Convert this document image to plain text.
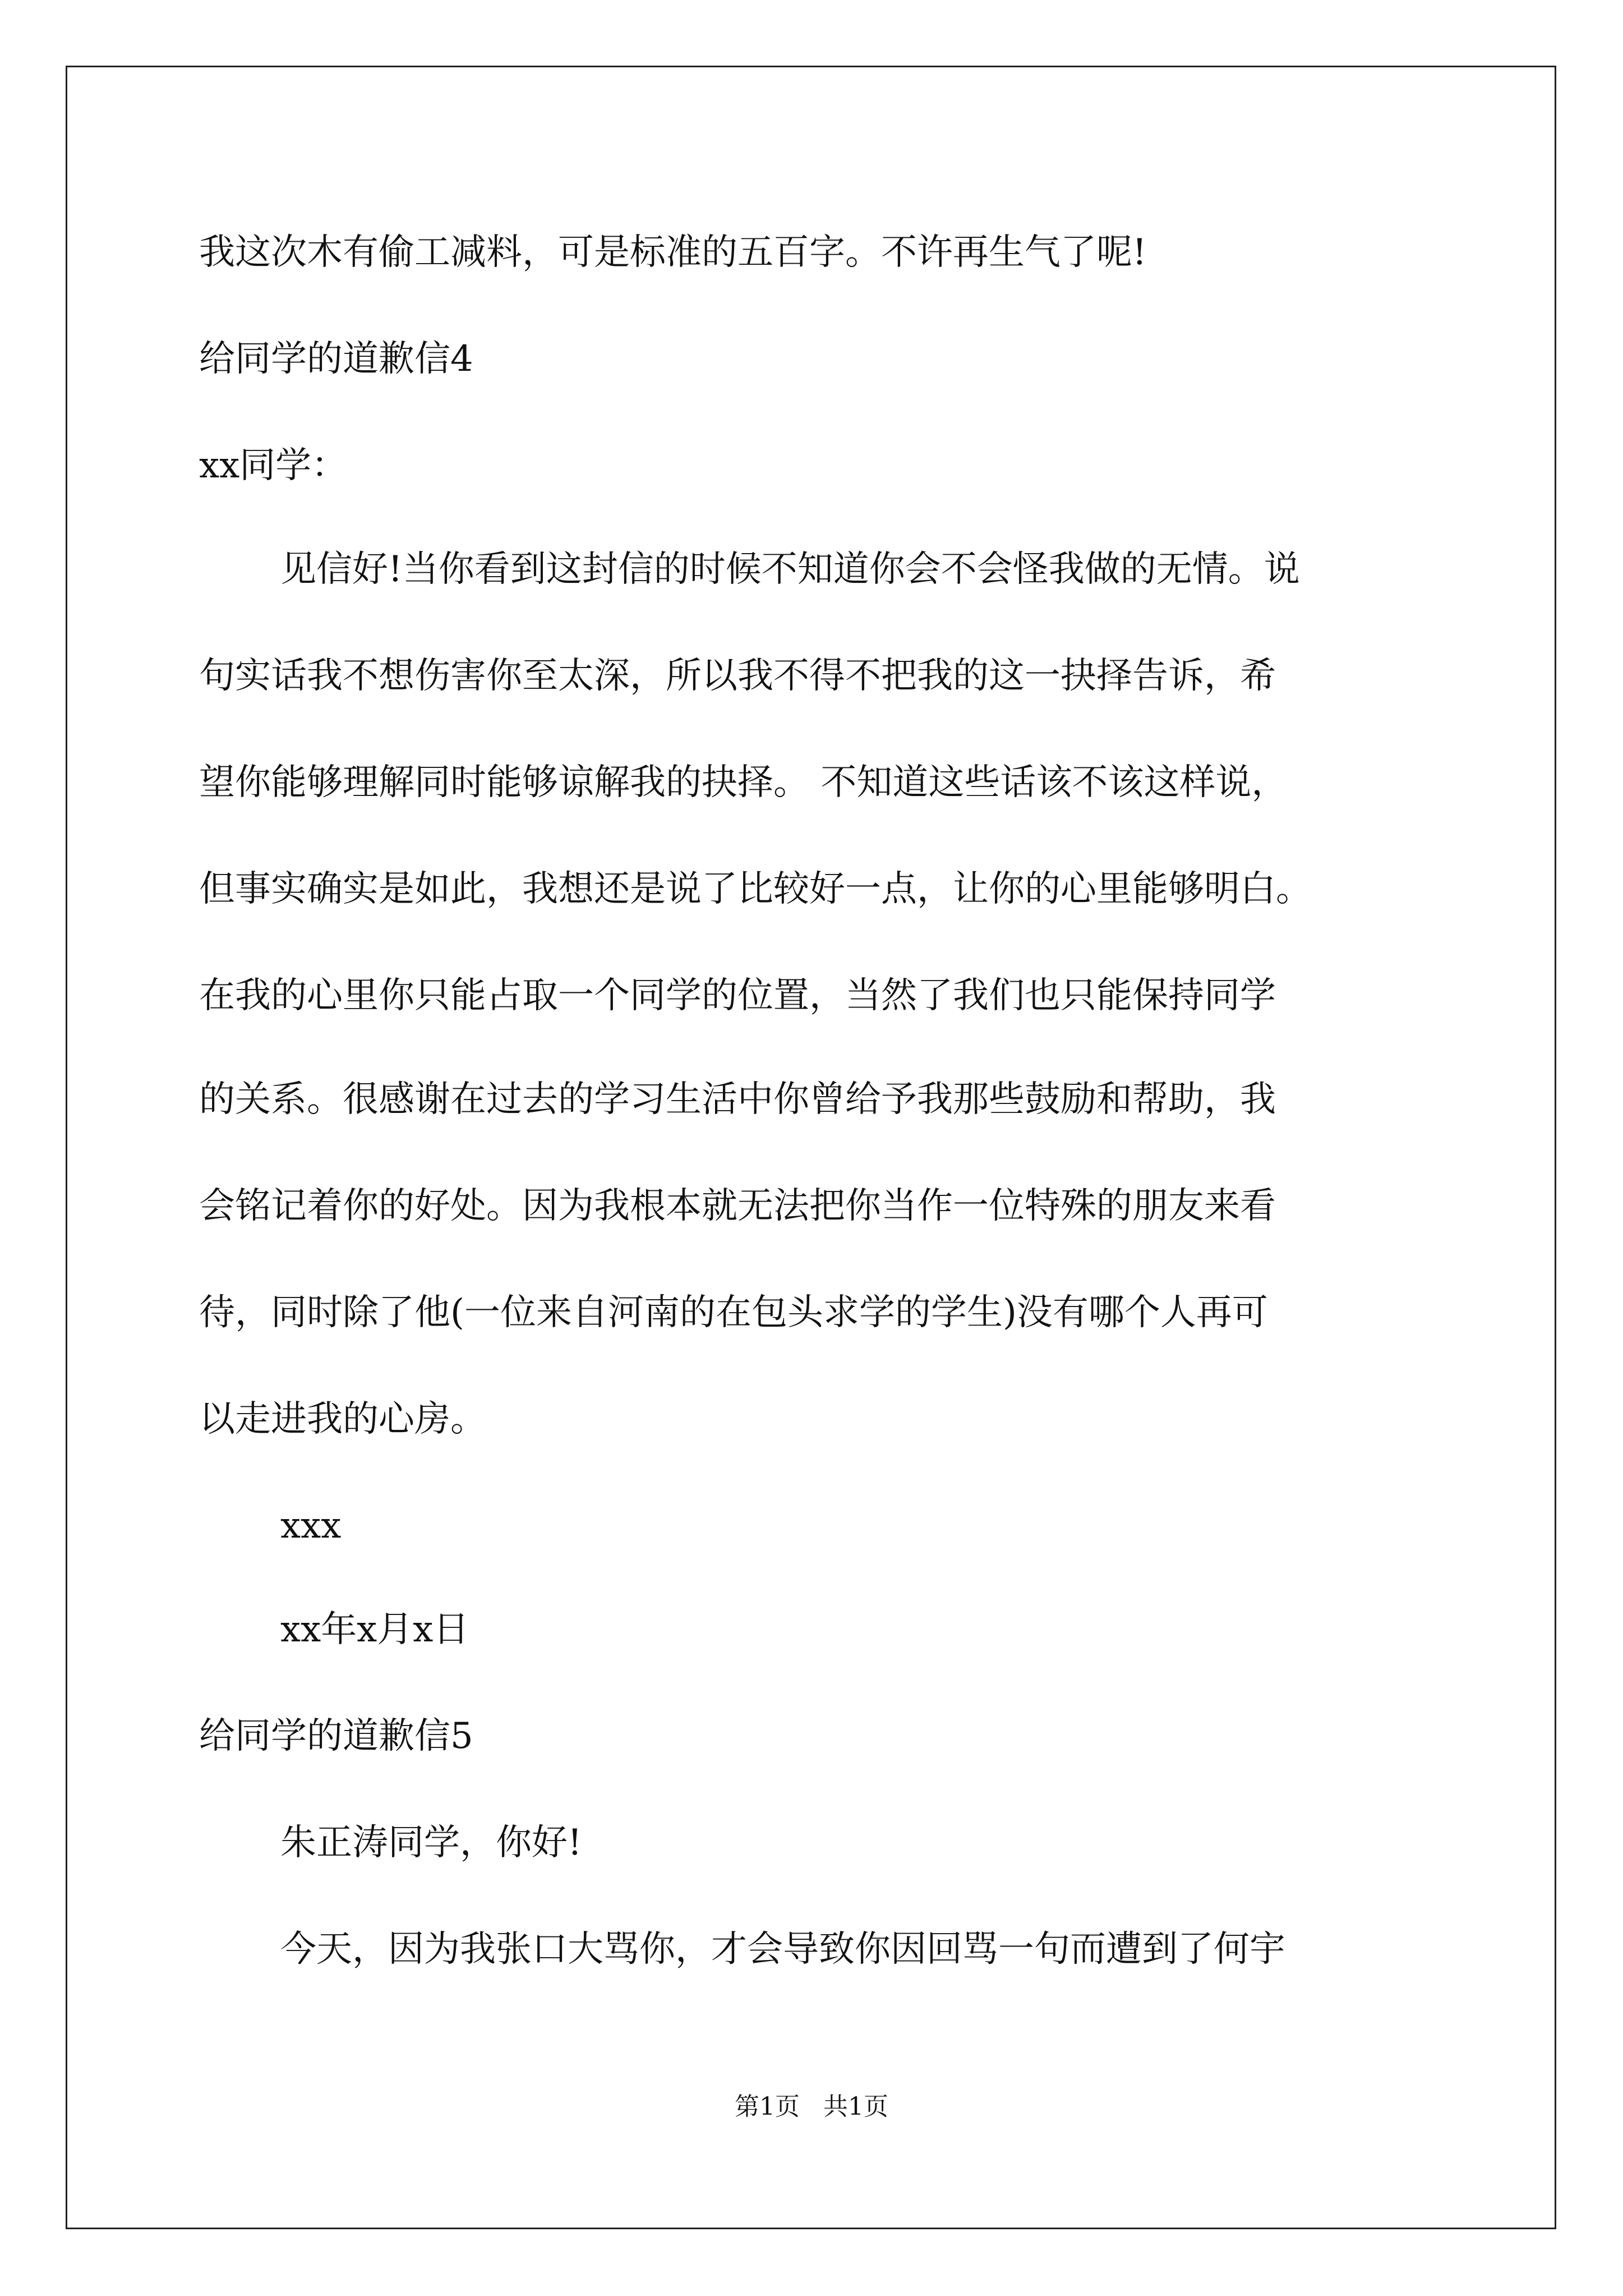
我这次木有偷工减料，可是标准的五百字。不许再生气了呢!
给同学的道歉信4
xx同学：
见信好!当你看到这封信的时候不知道你会不会怪我做的无情。说
句实话我不想伤害你至太深，所以我不得不把我的这一抉择告诉，希
望你能够理解同时能够谅解我的抉择。 不知道这些话该不该这样说，
但事实确实是如此，我想还是说了比较好一点，让你的心里能够明白。
在我的心里你只能占取一个同学的位置，当然了我们也只能保持同学
的关系。很感谢在过去的学习生活中你曾给予我那些鼓励和帮助，我
会铭记着你的好处。因为我根本就无法把你当作一位特殊的朋友来看
待，同时除了他(一位来自河南的在包头求学的学生)没有哪个人再可
以走进我的心房。
xxx
xx年x月x日
给同学的道歉信5
朱正涛同学，你好!
今天，因为我张口大骂你，才会导致你因回骂一句而遭到了何宇
第1页   共1页
